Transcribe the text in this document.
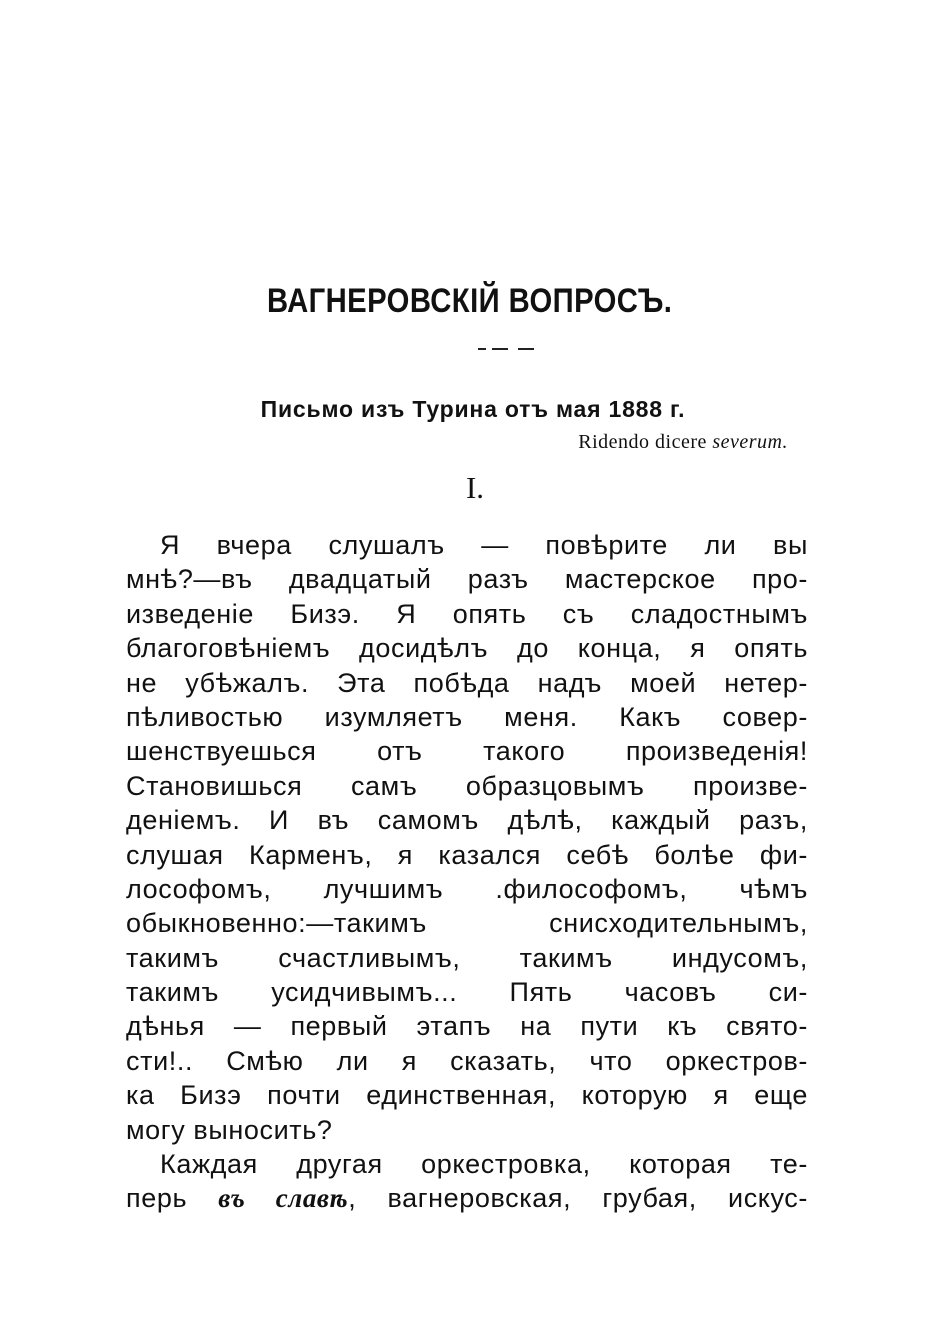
ВАГНЕРОВСКІЙ ВОПРОСЪ.
Письмо изъ Турина отъ мая 1888 г.
Ridendo dicere severum.
I.
Я вчера слушалъ — повѣрите ли вы
мнѣ?—въ двадцатый разъ мастерское про-
изведеніе Бизэ. Я опять съ сладостнымъ
благоговѣніемъ досидѣлъ до конца, я опять
не убѣжалъ. Эта побѣда надъ моей нетер-
пѣливостью изумляетъ меня. Какъ совер-
шенствуешься отъ такого произведенія!
Становишься самъ образцовымъ произве-
деніемъ. И въ самомъ дѣлѣ, каждый разъ,
слушая Карменъ, я казался себѣ болѣе фи-
лософомъ, лучшимъ .философомъ, чѣмъ
обыкновенно:—такимъ снисходительнымъ,
такимъ счастливымъ, такимъ индусомъ,
такимъ усидчивымъ... Пять часовъ си-
дѣнья — первый этапъ на пути къ свято-
сти!.. Смѣю ли я сказать, что оркестров-
ка Бизэ почти единственная, которую я еще
могу выносить?
Каждая другая оркестровка, которая те-
перь въ славѣ, вагнеровская, грубая, искус-
